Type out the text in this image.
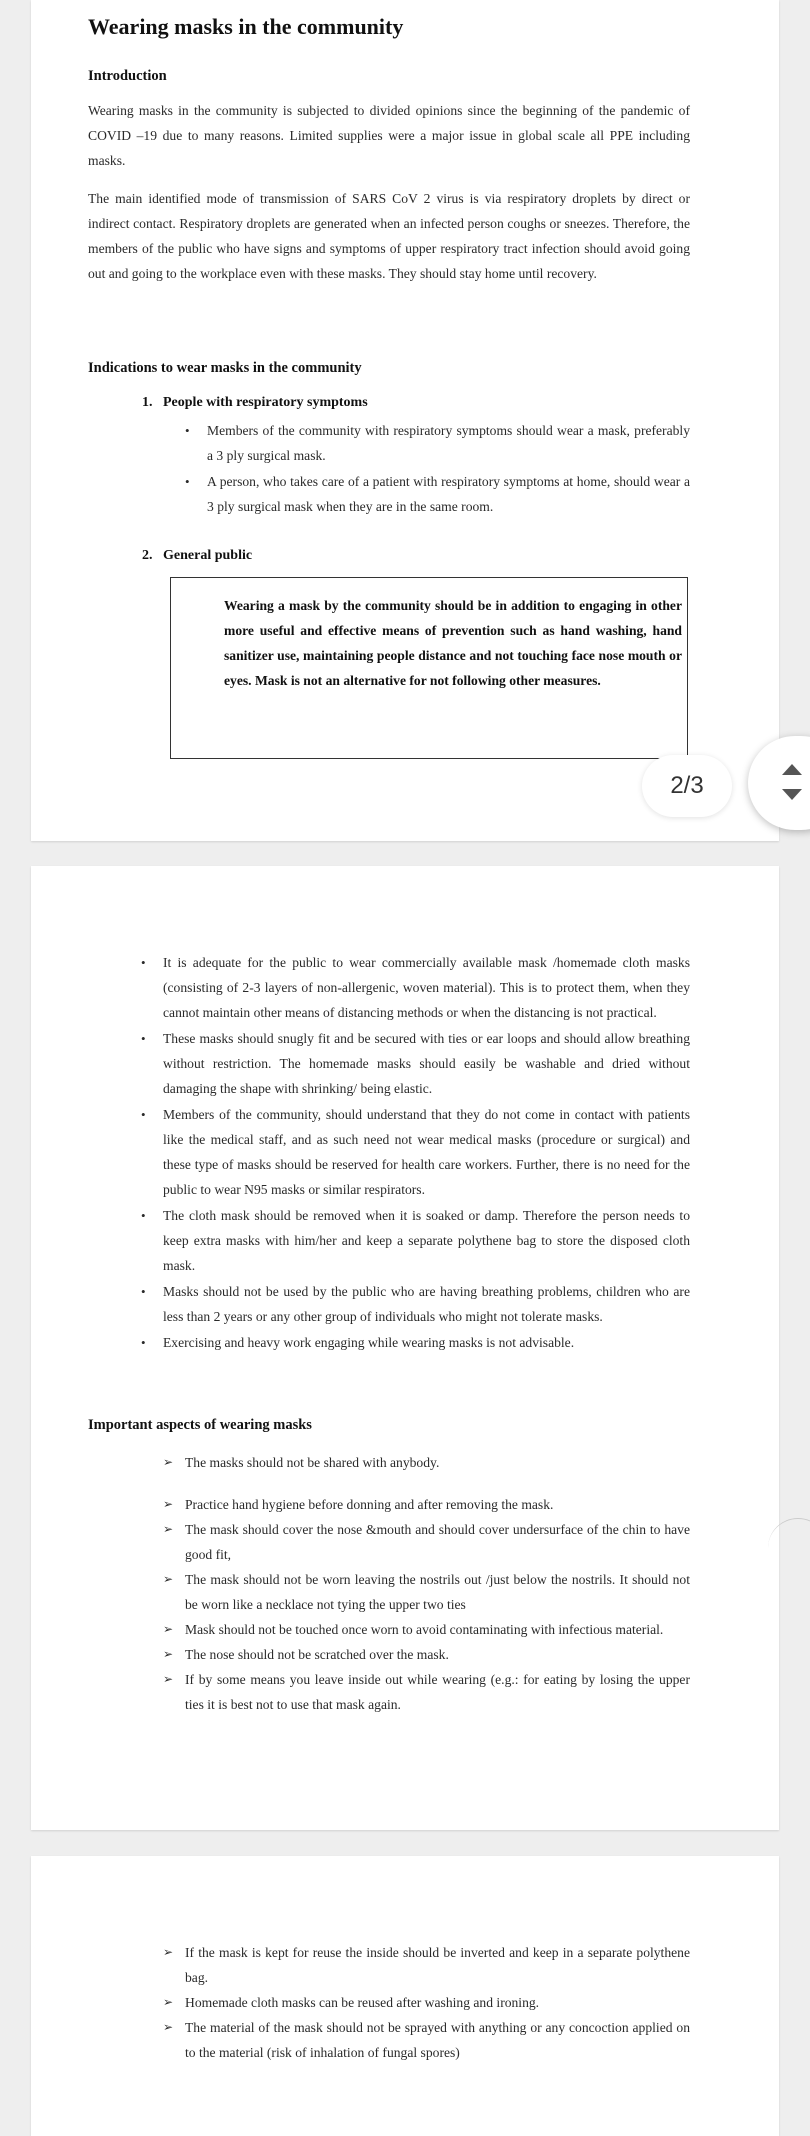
Wearing masks in the community
Introduction

Wearing masks in the community is subjected to divided opinions since the beginning of the pandemic of COVID –19 due to many reasons. Limited supplies were a major issue in global scale all PPE including masks.

The main identified mode of transmission of SARS CoV 2 virus is via respiratory droplets by direct or indirect contact. Respiratory droplets are generated when an infected person coughs or sneezes. Therefore, the members of the public who have signs and symptoms of upper respiratory tract infection should avoid going out and going to the workplace even with these masks. They should stay home until recovery.

Indications to wear masks in the community
1. People with respiratory symptoms
• Members of the community with respiratory symptoms should wear a mask, preferably a 3 ply surgical mask.
• A person, who takes care of a patient with respiratory symptoms at home, should wear a 3 ply surgical mask when they are in the same room.
2. General public

Wearing a mask by the community should be in addition to engaging in other more useful and effective means of prevention such as hand washing, hand sanitizer use, maintaining people distance and not touching face nose mouth or eyes. Mask is not an alternative for not following other measures.

• It is adequate for the public to wear commercially available mask /homemade cloth masks (consisting of 2-3 layers of non-allergenic, woven material). This is to protect them, when they cannot maintain other means of distancing methods or when the distancing is not practical.
• These masks should snugly fit and be secured with ties or ear loops and should allow breathing without restriction. The homemade masks should easily be washable and dried without damaging the shape with shrinking/ being elastic.
• Members of the community, should understand that they do not come in contact with patients like the medical staff, and as such need not wear medical masks (procedure or surgical) and these type of masks should be reserved for health care workers. Further, there is no need for the public to wear N95 masks or similar respirators.
• The cloth mask should be removed when it is soaked or damp. Therefore the person needs to keep extra masks with him/her and keep a separate polythene bag to store the disposed cloth mask.
• Masks should not be used by the public who are having breathing problems, children who are less than 2 years or any other group of individuals who might not tolerate masks.
• Exercising and heavy work engaging while wearing masks is not advisable.
Important aspects of wearing masks
➢ The masks should not be shared with anybody.
➢ Practice hand hygiene before donning and after removing the mask.
➢ The mask should cover the nose &mouth and should cover undersurface of the chin to have good fit,
➢ The mask should not be worn leaving the nostrils out /just below the nostrils. It should not be worn like a necklace not tying the upper two ties
➢ Mask should not be touched once worn to avoid contaminating with infectious material.
➢ The nose should not be scratched over the mask.
➢ If by some means you leave inside out while wearing (e.g.: for eating by losing the upper ties it is best not to use that mask again.
➢ If the mask is kept for reuse the inside should be inverted and keep in a separate polythene bag.
➢ Homemade cloth masks can be reused after washing and ironing.
➢ The material of the mask should not be sprayed with anything or any concoction applied on to the material (risk of inhalation of fungal spores)
2/3
